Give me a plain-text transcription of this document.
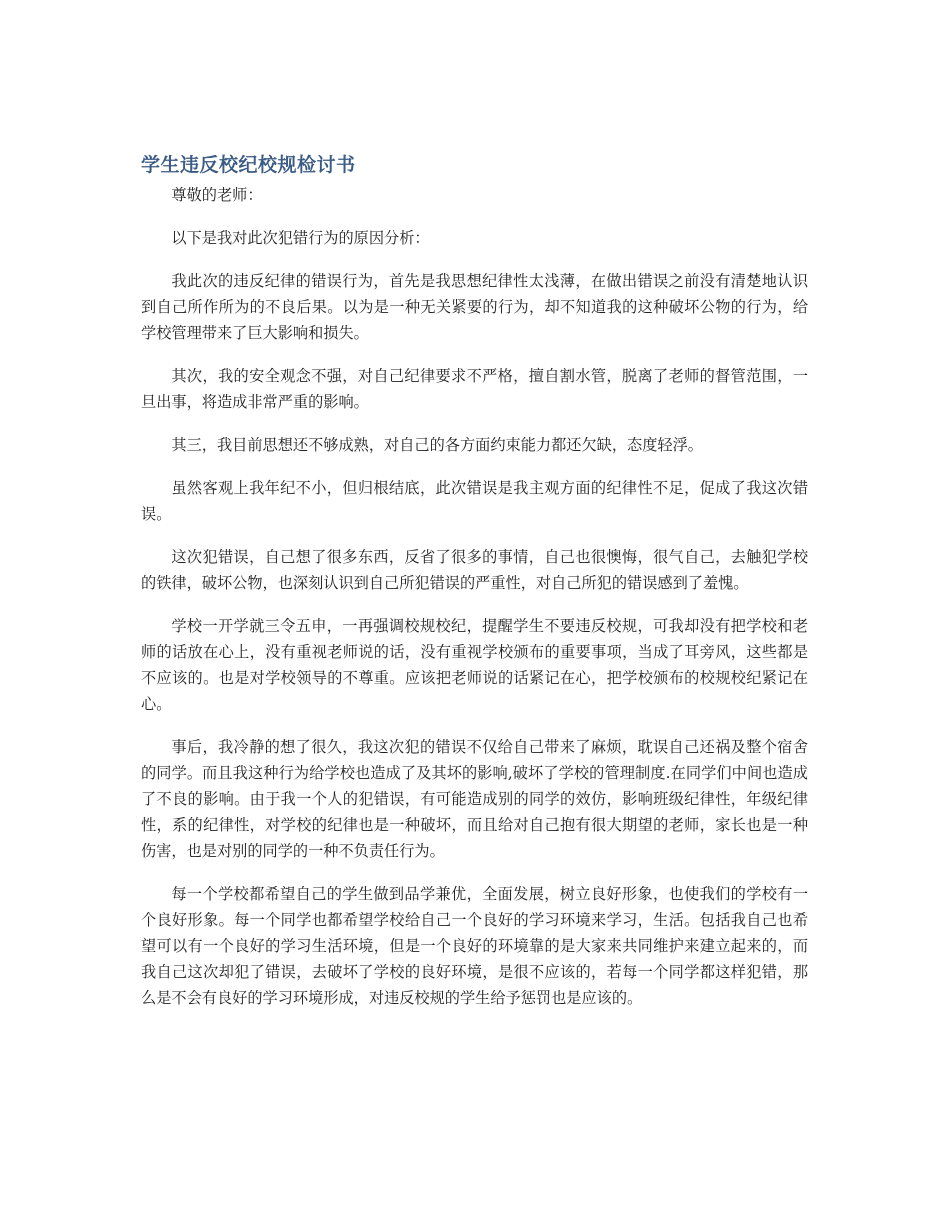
学生违反校纪校规检讨书

尊敬的老师：

以下是我对此次犯错行为的原因分析：

我此次的违反纪律的错误行为，首先是我思想纪律性太浅薄，在做出错误之前没有清楚地认识到自己所作所为的不良后果。以为是一种无关紧要的行为，却不知道我的这种破坏公物的行为，给学校管理带来了巨大影响和损失。

其次，我的安全观念不强，对自己纪律要求不严格，擅自割水管，脱离了老师的督管范围，一旦出事，将造成非常严重的影响。

其三，我目前思想还不够成熟，对自己的各方面约束能力都还欠缺，态度轻浮。

虽然客观上我年纪不小，但归根结底，此次错误是我主观方面的纪律性不足，促成了我这次错误。

这次犯错误，自己想了很多东西，反省了很多的事情，自己也很懊悔，很气自己，去触犯学校的铁律，破坏公物，也深刻认识到自己所犯错误的严重性，对自己所犯的错误感到了羞愧。

学校一开学就三令五申，一再强调校规校纪，提醒学生不要违反校规，可我却没有把学校和老师的话放在心上，没有重视老师说的话，没有重视学校颁布的重要事项，当成了耳旁风，这些都是不应该的。也是对学校领导的不尊重。应该把老师说的话紧记在心，把学校颁布的校规校纪紧记在心。

事后，我冷静的想了很久，我这次犯的错误不仅给自己带来了麻烦，耽误自己还祸及整个宿舍的同学。而且我这种行为给学校也造成了及其坏的影响,破坏了学校的管理制度.在同学们中间也造成了不良的影响。由于我一个人的犯错误，有可能造成别的同学的效仿，影响班级纪律性，年级纪律性，系的纪律性，对学校的纪律也是一种破坏，而且给对自己抱有很大期望的老师，家长也是一种伤害，也是对别的同学的一种不负责任行为。

每一个学校都希望自己的学生做到品学兼优，全面发展，树立良好形象，也使我们的学校有一个良好形象。每一个同学也都希望学校给自己一个良好的学习环境来学习，生活。包括我自己也希望可以有一个良好的学习生活环境，但是一个良好的环境靠的是大家来共同维护来建立起来的，而我自己这次却犯了错误，去破坏了学校的良好环境，是很不应该的，若每一个同学都这样犯错，那么是不会有良好的学习环境形成，对违反校规的学生给予惩罚也是应该的。
